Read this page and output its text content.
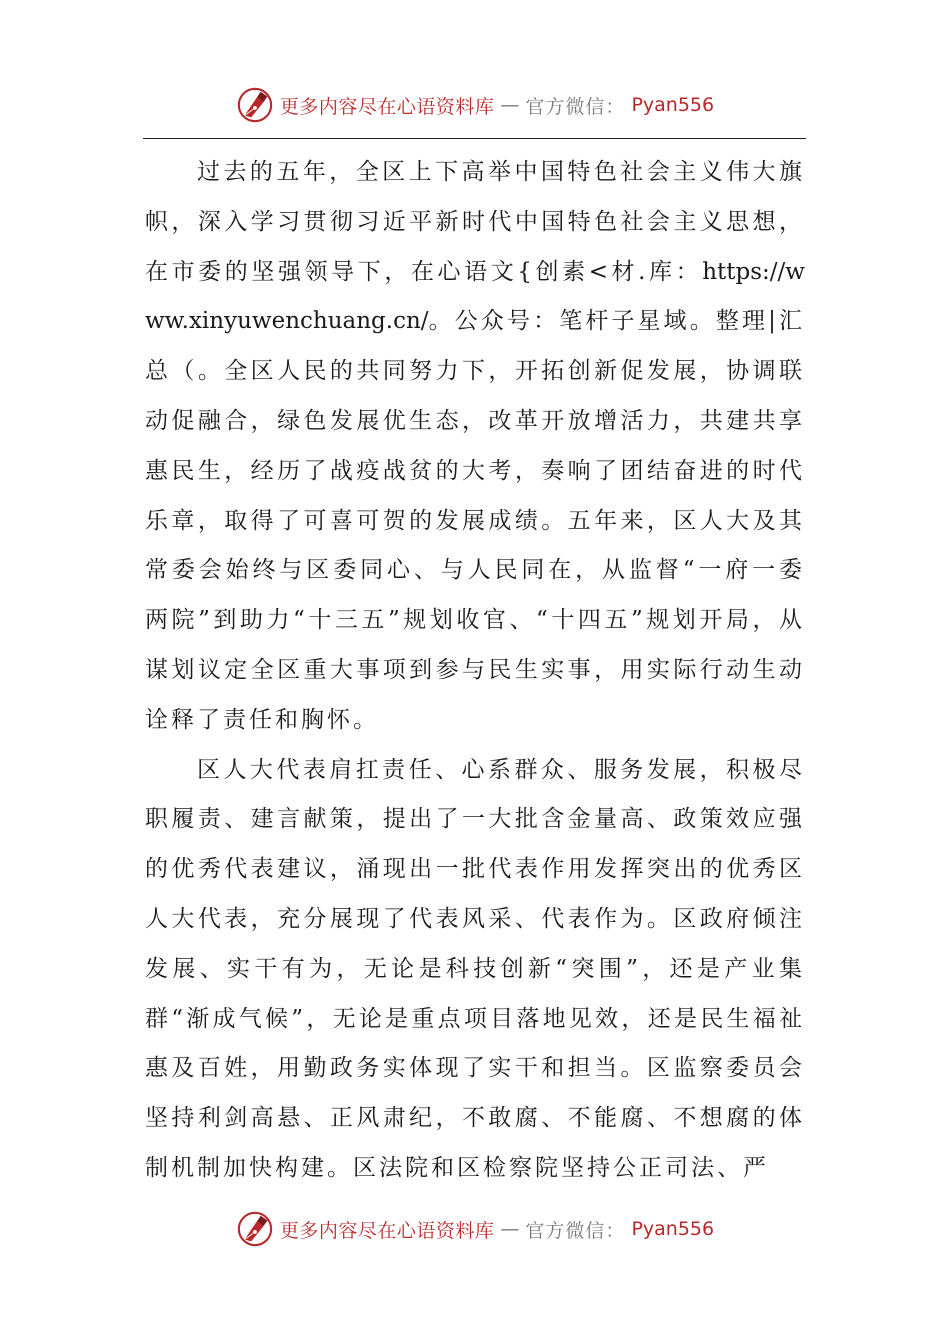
更多内容尽在心语资料库 — 官方微信： Pyan556

过去的五年，全区上下高举中国特色社会主义伟大旗帜，深入学习贯彻习近平新时代中国特色社会主义思想，在市委的坚强领导下，在心语文{创素<材.库：https://www.xinyuwenchuang.cn/。公众号：笔杆子星域。整理|汇总（。全区人民的共同努力下，开拓创新促发展，协调联动促融合，绿色发展优生态，改革开放增活力，共建共享惠民生，经历了战疫战贫的大考，奏响了团结奋进的时代乐章，取得了可喜可贺的发展成绩。五年来，区人大及其常委会始终与区委同心、与人民同在，从监督“一府一委两院”到助力“十三五”规划收官、“十四五”规划开局，从谋划议定全区重大事项到参与民生实事，用实际行动生动诠释了责任和胸怀。

区人大代表肩扛责任、心系群众、服务发展，积极尽职履责、建言献策，提出了一大批含金量高、政策效应强的优秀代表建议，涌现出一批代表作用发挥突出的优秀区人大代表，充分展现了代表风采、代表作为。区政府倾注发展、实干有为，无论是科技创新“突围”，还是产业集群“渐成气候”，无论是重点项目落地见效，还是民生福祉惠及百姓，用勤政务实体现了实干和担当。区监察委员会坚持利剑高悬、正风肃纪，不敢腐、不能腐、不想腐的体制机制加快构建。区法院和区检察院坚持公正司法、严

更多内容尽在心语资料库 — 官方微信： Pyan556
